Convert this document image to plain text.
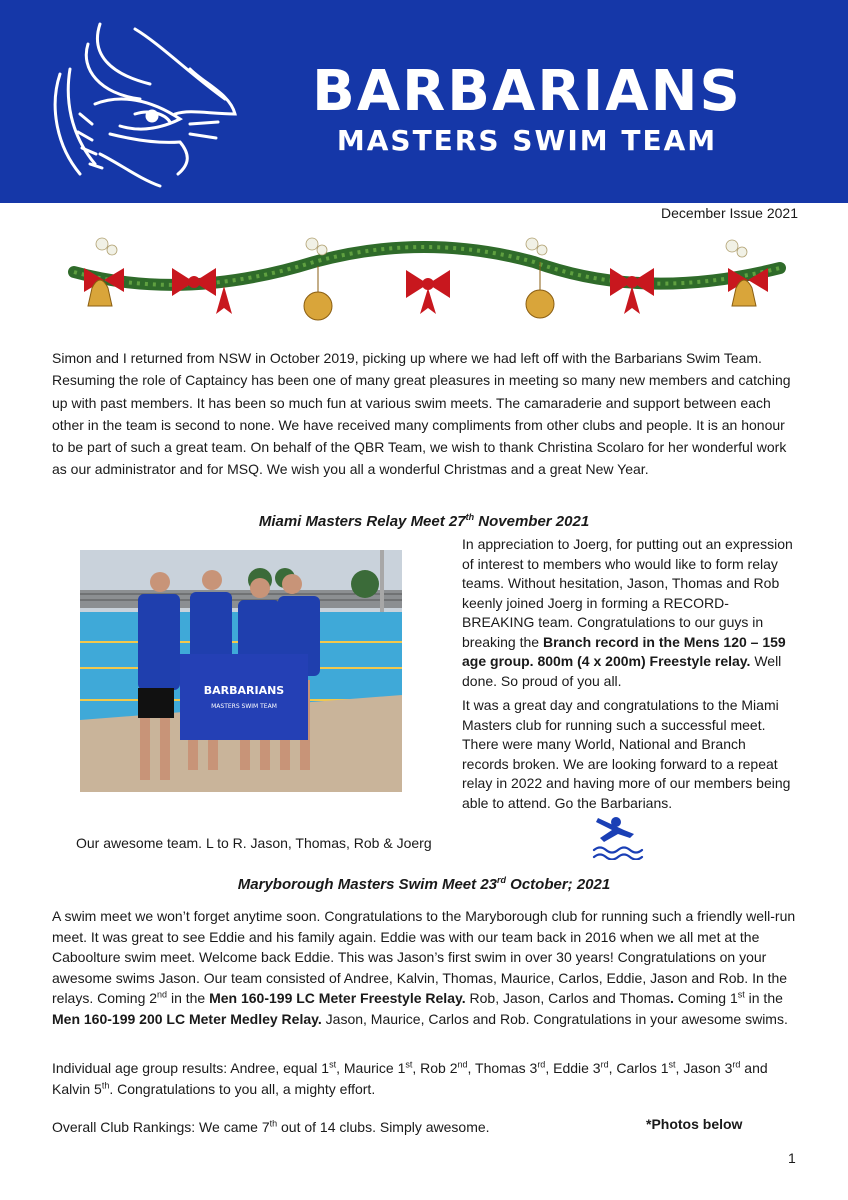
BARBARIANS
MASTERS SWIM TEAM
December Issue 2021
Simon and I returned from NSW in October 2019, picking up where we had left off with the Barbarians Swim Team. Resuming the role of Captaincy has been one of many great pleasures in meeting so many new members and catching up with past members. It has been so much fun at various swim meets. The camaraderie and support between each other in the team is second to none. We have received many compliments from other clubs and people. It is an honour to be part of such a great team. On behalf of the QBR Team, we wish to thank Christina Scolaro for her wonderful work as our administrator and for MSQ. We wish you all a wonderful Christmas and a great New Year.
Miami Masters Relay Meet 27th November 2021
BARBARIANS
MASTERS SWIM TEAM
In appreciation to Joerg, for putting out an expression of interest to members who would like to form relay teams. Without hesitation, Jason, Thomas and Rob keenly joined Joerg in forming a RECORD-BREAKING team. Congratulations to our guys in breaking the Branch record in the Mens 120 – 159 age group. 800m (4 x 200m) Freestyle relay. Well done. So proud of you all.
It was a great day and congratulations to the Miami Masters club for running such a successful meet. There were many World, National and Branch records broken. We are looking forward to a repeat relay in 2022 and having more of our members being able to attend. Go the Barbarians.
Our awesome team. L to R. Jason, Thomas, Rob & Joerg
Maryborough Masters Swim Meet 23rd October; 2021
A swim meet we won’t forget anytime soon. Congratulations to the Maryborough club for running such a friendly well-run meet. It was great to see Eddie and his family again. Eddie was with our team back in 2016 when we all met at the Caboolture swim meet. Welcome back Eddie. This was Jason’s first swim in over 30 years! Congratulations on your awesome swims Jason. Our team consisted of Andree, Kalvin, Thomas, Maurice, Carlos, Eddie, Jason and Rob. In the relays. Coming 2nd in the Men 160-199 LC Meter Freestyle Relay. Rob, Jason, Carlos and Thomas. Coming 1st in the Men 160-199 200 LC Meter Medley Relay. Jason, Maurice, Carlos and Rob. Congratulations in your awesome swims.
Individual age group results: Andree, equal 1st, Maurice 1st, Rob 2nd, Thomas 3rd, Eddie 3rd, Carlos 1st, Jason 3rd and Kalvin 5th. Congratulations to you all, a mighty effort.
Overall Club Rankings: We came 7th out of 14 clubs. Simply awesome.	*Photos below
1
